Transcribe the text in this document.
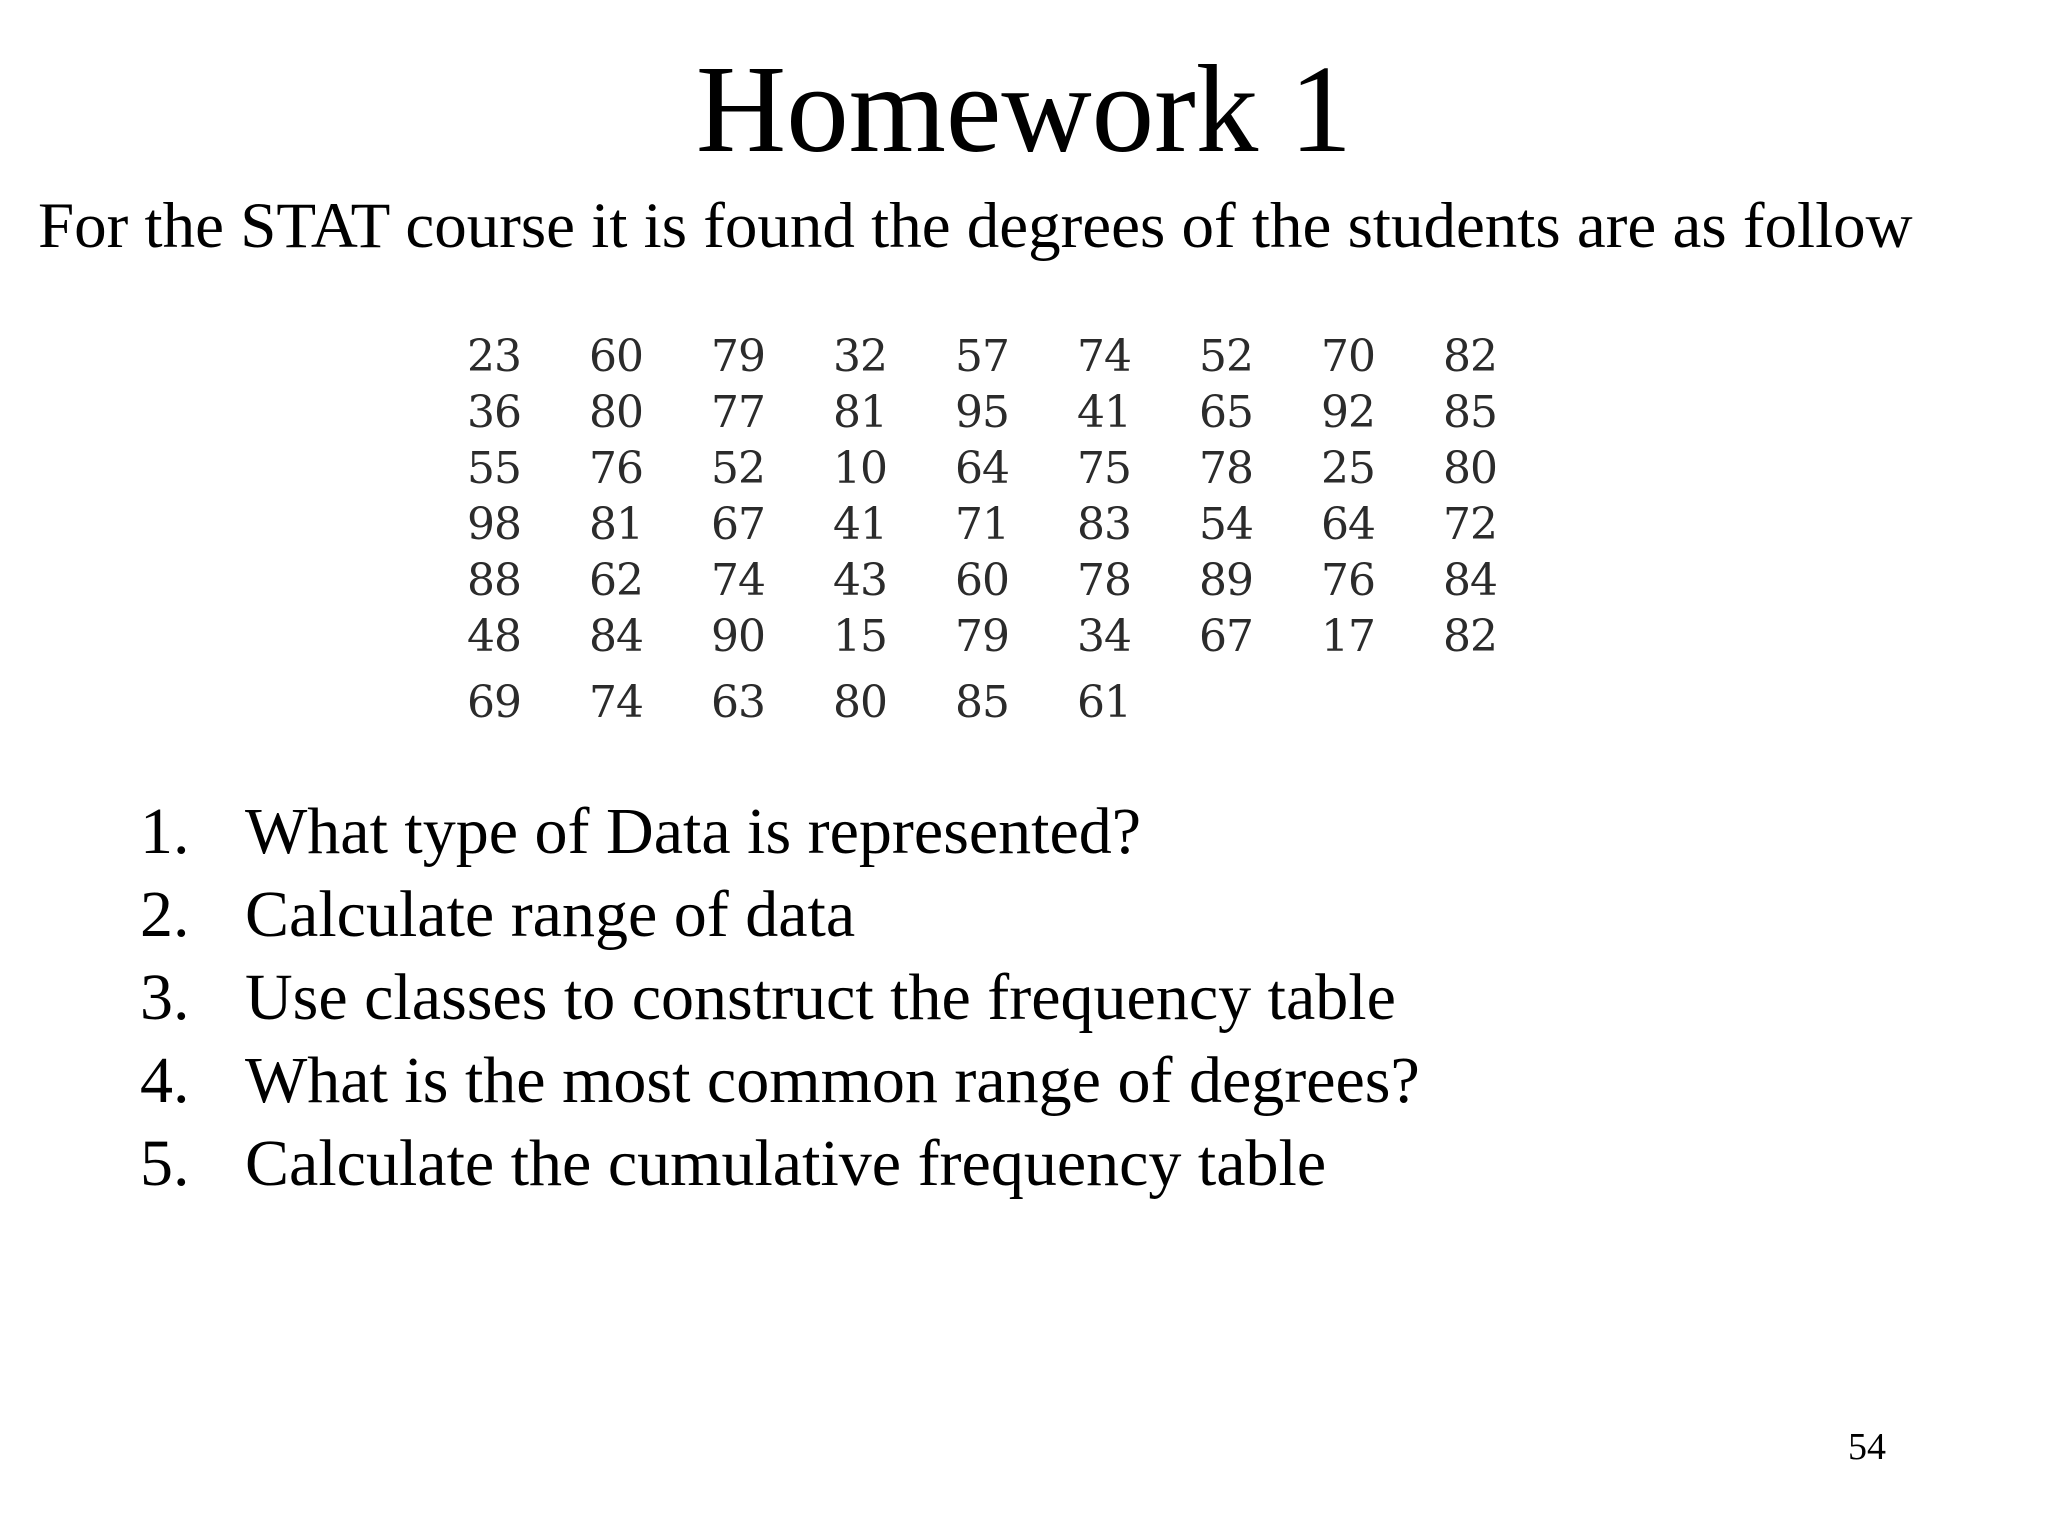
Homework 1

For the STAT course it is found the degrees of the students are as follow

23	60	79	32	57	74	52	70	82
36	80	77	81	95	41	65	92	85
55	76	52	10	64	75	78	25	80
98	81	67	41	71	83	54	64	72
88	62	74	43	60	78	89	76	84
48	84	90	15	79	34	67	17	82
69	74	63	80	85	61			
1. What type of Data is represented?
2. Calculate range of data
3. Use classes to construct the frequency table
4. What is the most common range of degrees?
5. Calculate the cumulative frequency table
54
